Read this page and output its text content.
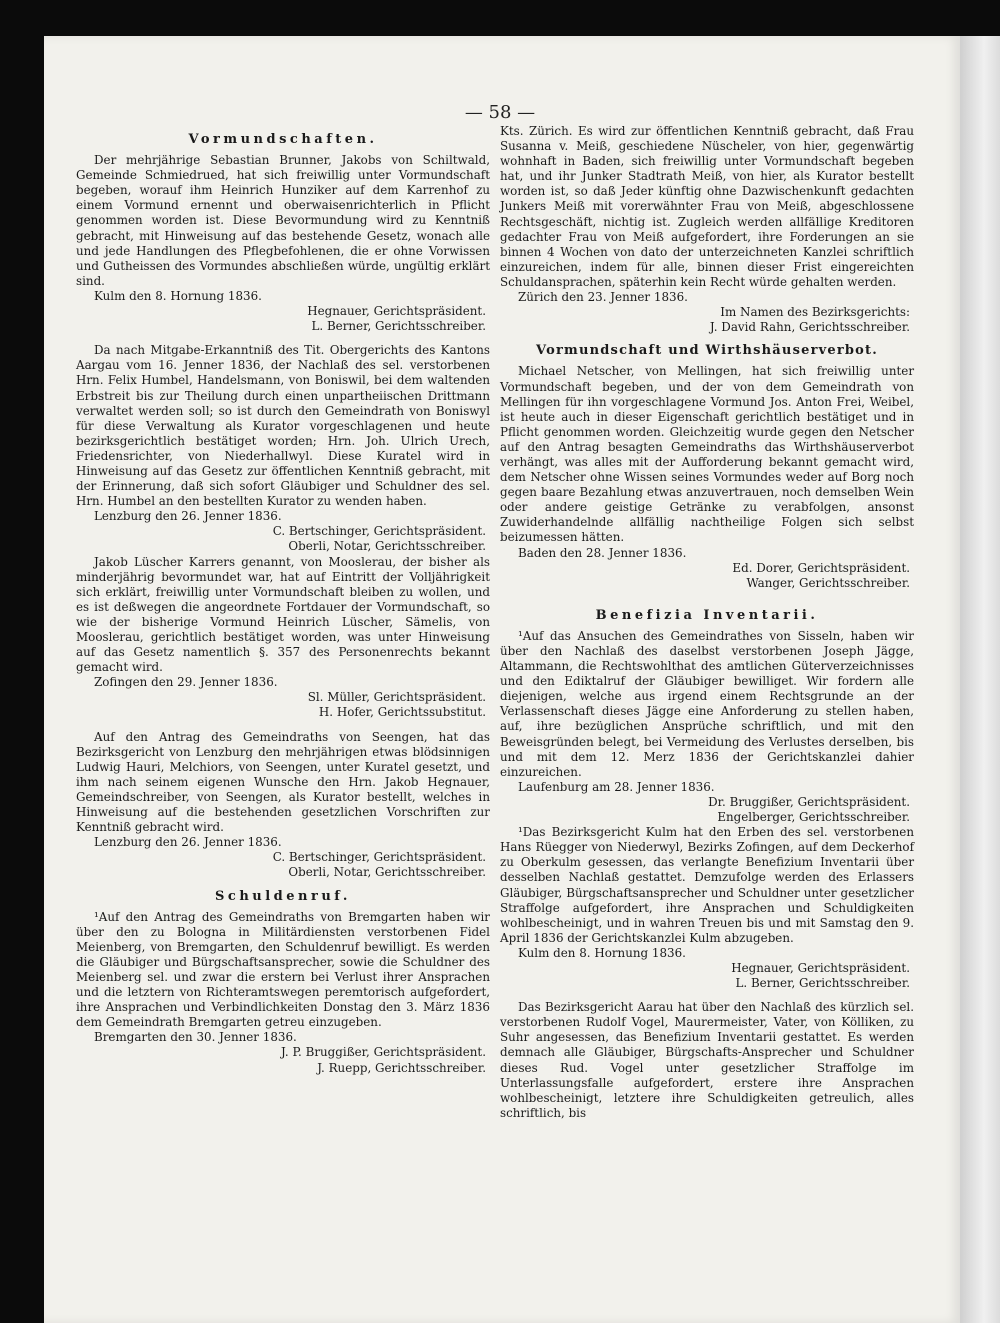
— 58 —
Vormundschaften.

Der mehrjährige Sebastian Brunner, Jakobs von Schiltwald, Gemeinde Schmiedrued, hat sich freiwillig unter Vormundschaft begeben, worauf ihm Heinrich Hunziker auf dem Karrenhof zu einem Vormund ernennt und oberwaisenrichterlich in Pflicht genommen worden ist. Diese Bevormundung wird zu Kenntniß gebracht, mit Hinweisung auf das bestehende Gesetz, wonach alle und jede Handlungen des Pflegbefohlenen, die er ohne Vorwissen und Gutheissen des Vormundes abschließen würde, ungültig erklärt sind.

Kulm den 8. Hornung 1836.
Hegnauer, Gerichtspräsident.
L. Berner, Gerichtsschreiber.

Da nach Mitgabe-Erkanntniß des Tit. Obergerichts des Kantons Aargau vom 16. Jenner 1836, der Nachlaß des sel. verstorbenen Hrn. Felix Humbel, Handelsmann, von Boniswil, bei dem waltenden Erbstreit bis zur Theilung durch einen unpartheiischen Drittmann verwaltet werden soll; so ist durch den Gemeindrath von Boniswyl für diese Verwaltung als Kurator vorgeschlagenen und heute bezirksgerichtlich bestätiget worden; Hrn. Joh. Ulrich Urech, Friedensrichter, von Niederhallwyl. Diese Kuratel wird in Hinweisung auf das Gesetz zur öffentlichen Kenntniß gebracht, mit der Erinnerung, daß sich sofort Gläubiger und Schuldner des sel. Hrn. Humbel an den bestellten Kurator zu wenden haben.

Lenzburg den 26. Jenner 1836.
C. Bertschinger, Gerichtspräsident.
Oberli, Notar, Gerichtsschreiber.

Jakob Lüscher Karrers genannt, von Mooslerau, der bisher als minderjährig bevormundet war, hat auf Eintritt der Volljährigkeit sich erklärt, freiwillig unter Vormundschaft bleiben zu wollen, und es ist deßwegen die angeordnete Fortdauer der Vormundschaft, so wie der bisherige Vormund Heinrich Lüscher, Sämelis, von Mooslerau, gerichtlich bestätiget worden, was unter Hinweisung auf das Gesetz namentlich §. 357 des Personenrechts bekannt gemacht wird.

Zofingen den 29. Jenner 1836.
Sl. Müller, Gerichtspräsident.
H. Hofer, Gerichtssubstitut.

Auf den Antrag des Gemeindraths von Seengen, hat das Bezirksgericht von Lenzburg den mehrjährigen etwas blödsinnigen Ludwig Hauri, Melchiors, von Seengen, unter Kuratel gesetzt, und ihm nach seinem eigenen Wunsche den Hrn. Jakob Hegnauer, Gemeindschreiber, von Seengen, als Kurator bestellt, welches in Hinweisung auf die bestehenden gesetzlichen Vorschriften zur Kenntniß gebracht wird.

Lenzburg den 26. Jenner 1836.
C. Bertschinger, Gerichtspräsident.
Oberli, Notar, Gerichtsschreiber.
Schuldenruf.

¹Auf den Antrag des Gemeindraths von Bremgarten haben wir über den zu Bologna in Militärdiensten verstorbenen Fidel Meienberg, von Bremgarten, den Schuldenruf bewilligt. Es werden die Gläubiger und Bürgschaftsansprecher, sowie die Schuldner des Meienberg sel. und zwar die erstern bei Verlust ihrer Ansprachen und die letztern von Richteramtswegen peremtorisch aufgefordert, ihre Ansprachen und Verbindlichkeiten Donstag den 3. März 1836 dem Gemeindrath Bremgarten getreu einzugeben.

Bremgarten den 30. Jenner 1836.
J. P. Bruggißer, Gerichtspräsident.
J. Ruepp, Gerichtsschreiber.

Kts. Zürich. Es wird zur öffentlichen Kenntniß gebracht, daß Frau Susanna v. Meiß, geschiedene Nüscheler, von hier, gegenwärtig wohnhaft in Baden, sich freiwillig unter Vormundschaft begeben hat, und ihr Junker Stadtrath Meiß, von hier, als Kurator bestellt worden ist, so daß Jeder künftig ohne Dazwischenkunft gedachten Junkers Meiß mit vorerwähnter Frau von Meiß, abgeschlossene Rechtsgeschäft, nichtig ist. Zugleich werden allfällige Kreditoren gedachter Frau von Meiß aufgefordert, ihre Forderungen an sie binnen 4 Wochen von dato der unterzeichneten Kanzlei schriftlich einzureichen, indem für alle, binnen dieser Frist eingereichten Schuldansprachen, späterhin kein Recht würde gehalten werden.

Zürich den 23. Jenner 1836.
Im Namen des Bezirksgerichts:
J. David Rahn, Gerichtsschreiber.
Vormundschaft und Wirthshäuserverbot.

Michael Netscher, von Mellingen, hat sich freiwillig unter Vormundschaft begeben, und der von dem Gemeindrath von Mellingen für ihn vorgeschlagene Vormund Jos. Anton Frei, Weibel, ist heute auch in dieser Eigenschaft gerichtlich bestätiget und in Pflicht genommen worden. Gleichzeitig wurde gegen den Netscher auf den Antrag besagten Gemeindraths das Wirthshäuserverbot verhängt, was alles mit der Aufforderung bekannt gemacht wird, dem Netscher ohne Wissen seines Vormundes weder auf Borg noch gegen baare Bezahlung etwas anzuvertrauen, noch demselben Wein oder andere geistige Getränke zu verabfolgen, ansonst Zuwiderhandelnde allfällig nachtheilige Folgen sich selbst beizumessen hätten.

Baden den 28. Jenner 1836.
Ed. Dorer, Gerichtspräsident.
Wanger, Gerichtsschreiber.
Benefizia Inventarii.

¹Auf das Ansuchen des Gemeindrathes von Sisseln, haben wir über den Nachlaß des daselbst verstorbenen Joseph Jägge, Altammann, die Rechtswohlthat des amtlichen Güterverzeichnisses und den Ediktalruf der Gläubiger bewilliget. Wir fordern alle diejenigen, welche aus irgend einem Rechtsgrunde an der Verlassenschaft dieses Jägge eine Anforderung zu stellen haben, auf, ihre bezüglichen Ansprüche schriftlich, und mit den Beweisgründen belegt, bei Vermeidung des Verlustes derselben, bis und mit dem 12. Merz 1836 der Gerichtskanzlei dahier einzureichen.

Laufenburg am 28. Jenner 1836.
Dr. Bruggißer, Gerichtspräsident.
Engelberger, Gerichtsschreiber.

¹Das Bezirksgericht Kulm hat den Erben des sel. verstorbenen Hans Rüegger von Niederwyl, Bezirks Zofingen, auf dem Deckerhof zu Oberkulm gesessen, das verlangte Benefizium Inventarii über desselben Nachlaß gestattet. Demzufolge werden des Erlassers Gläubiger, Bürgschaftsansprecher und Schuldner unter gesetzlicher Straffolge aufgefordert, ihre Ansprachen und Schuldigkeiten wohlbescheinigt, und in wahren Treuen bis und mit Samstag den 9. April 1836 der Gerichtskanzlei Kulm abzugeben.

Kulm den 8. Hornung 1836.
Hegnauer, Gerichtspräsident.
L. Berner, Gerichtsschreiber.

Das Bezirksgericht Aarau hat über den Nachlaß des kürzlich sel. verstorbenen Rudolf Vogel, Maurermeister, Vater, von Kölliken, zu Suhr angesessen, das Benefizium Inventarii gestattet. Es werden demnach alle Gläubiger, Bürgschafts-Ansprecher und Schuldner dieses Rud. Vogel unter gesetzlicher Straffolge im Unterlassungsfalle aufgefordert, erstere ihre Ansprachen wohlbescheinigt, letztere ihre Schuldigkeiten getreulich, alles schriftlich, bis
